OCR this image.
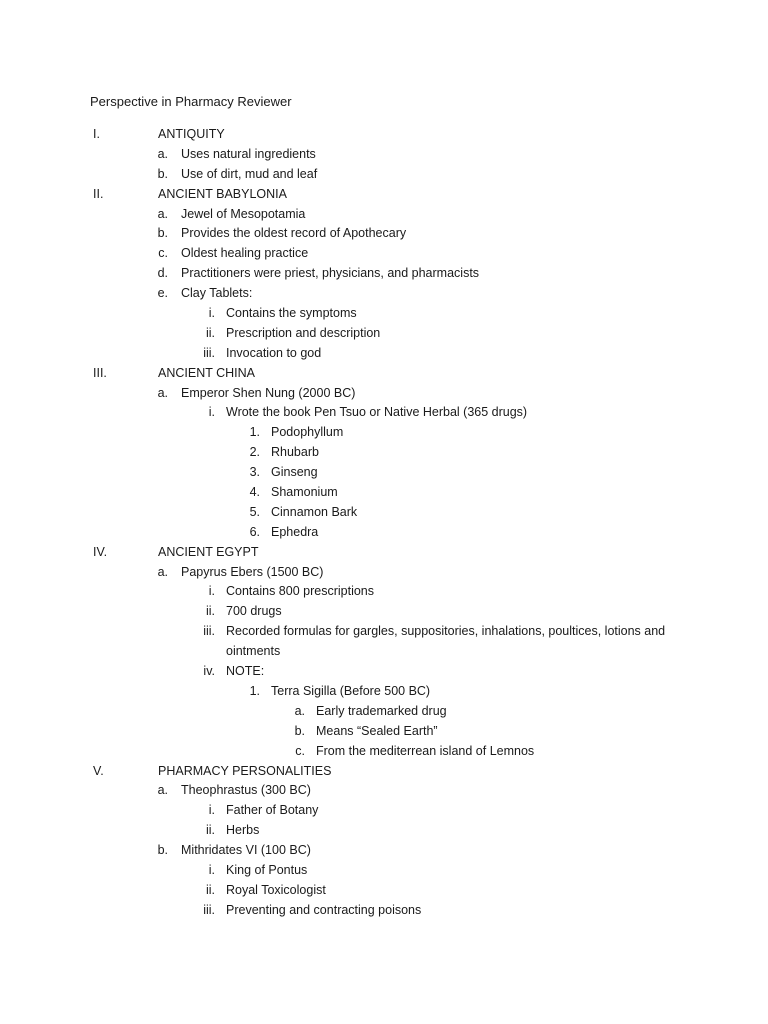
Perspective in Pharmacy Reviewer
I.	ANTIQUITY
a. Uses natural ingredients
b. Use of dirt, mud and leaf
II.	ANCIENT BABYLONIA
a. Jewel of Mesopotamia
b. Provides the oldest record of Apothecary
c. Oldest healing practice
d. Practitioners were priest, physicians, and pharmacists
e. Clay Tablets:
i. Contains the symptoms
ii. Prescription and description
iii. Invocation to god
III.	ANCIENT CHINA
a. Emperor Shen Nung (2000 BC)
i. Wrote the book Pen Tsuo or Native Herbal (365 drugs)
1. Podophyllum
2. Rhubarb
3. Ginseng
4. Shamonium
5. Cinnamon Bark
6. Ephedra
IV.	ANCIENT EGYPT
a. Papyrus Ebers (1500 BC)
i. Contains 800 prescriptions
ii. 700 drugs
iii. Recorded formulas for gargles, suppositories, inhalations, poultices, lotions and
ointments
iv. NOTE:
1. Terra Sigilla (Before 500 BC)
a. Early trademarked drug
b. Means “Sealed Earth”
c. From the mediterrean island of Lemnos
V.	PHARMACY PERSONALITIES
a. Theophrastus (300 BC)
i. Father of Botany
ii. Herbs
b. Mithridates VI (100 BC)
i. King of Pontus
ii. Royal Toxicologist
iii. Preventing and contracting poisons
